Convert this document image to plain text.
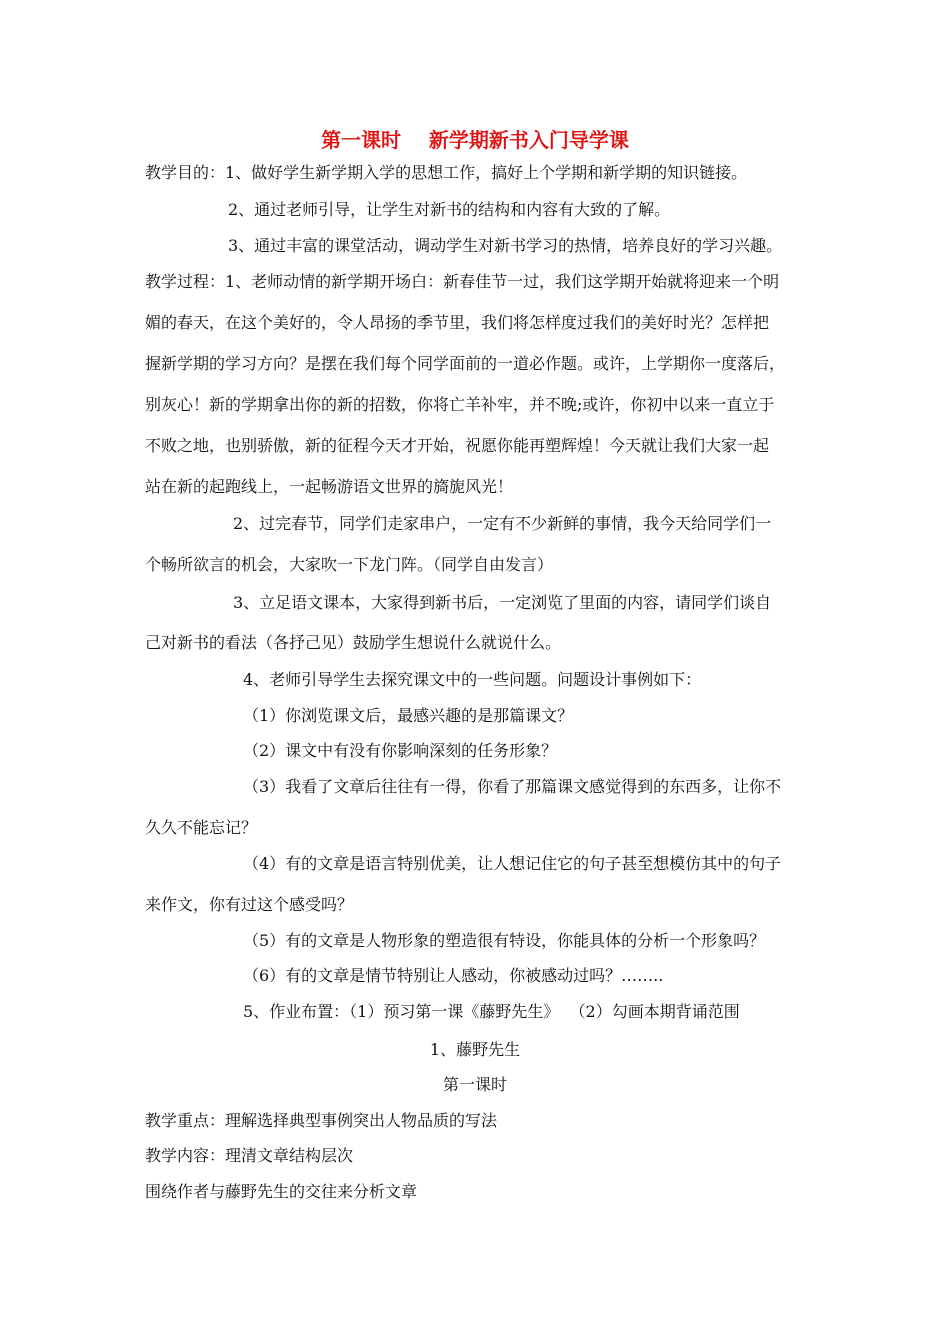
第一课时    新学期新书入门导学课
教学目的：1、做好学生新学期入学的思想工作，搞好上个学期和新学期的知识链接。
2、通过老师引导，让学生对新书的结构和内容有大致的了解。
3、通过丰富的课堂活动，调动学生对新书学习的热情，培养良好的学习兴趣。
教学过程：1、老师动情的新学期开场白：新春佳节一过，我们这学期开始就将迎来一个明
媚的春天，在这个美好的，令人昂扬的季节里，我们将怎样度过我们的美好时光？怎样把
握新学期的学习方向？是摆在我们每个同学面前的一道必作题。或许，上学期你一度落后，
别灰心！新的学期拿出你的新的招数，你将亡羊补牢，并不晚;或许，你初中以来一直立于
不败之地，也别骄傲，新的征程今天才开始，祝愿你能再塑辉煌！今天就让我们大家一起
站在新的起跑线上，一起畅游语文世界的旖旎风光！
2、过完春节，同学们走家串户，一定有不少新鲜的事情，我今天给同学们一
个畅所欲言的机会，大家吹一下龙门阵。（同学自由发言）
3、立足语文课本，大家得到新书后，一定浏览了里面的内容，请同学们谈自
己对新书的看法（各抒己见）鼓励学生想说什么就说什么。
4、老师引导学生去探究课文中的一些问题。问题设计事例如下：
（1）你浏览课文后，最感兴趣的是那篇课文？
（2）课文中有没有你影响深刻的任务形象？
（3）我看了文章后往往有一得，你看了那篇课文感觉得到的东西多，让你不
久久不能忘记？
（4）有的文章是语言特别优美，让人想记住它的句子甚至想模仿其中的句子
来作文，你有过这个感受吗？
（5）有的文章是人物形象的塑造很有特设，你能具体的分析一个形象吗？
（6）有的文章是情节特别让人感动，你被感动过吗？……..
5、作业布置：（1）预习第一课《藤野先生》  （2）勾画本期背诵范围
1、藤野先生
第一课时
教学重点：理解选择典型事例突出人物品质的写法
教学内容：理清文章结构层次
围绕作者与藤野先生的交往来分析文章
